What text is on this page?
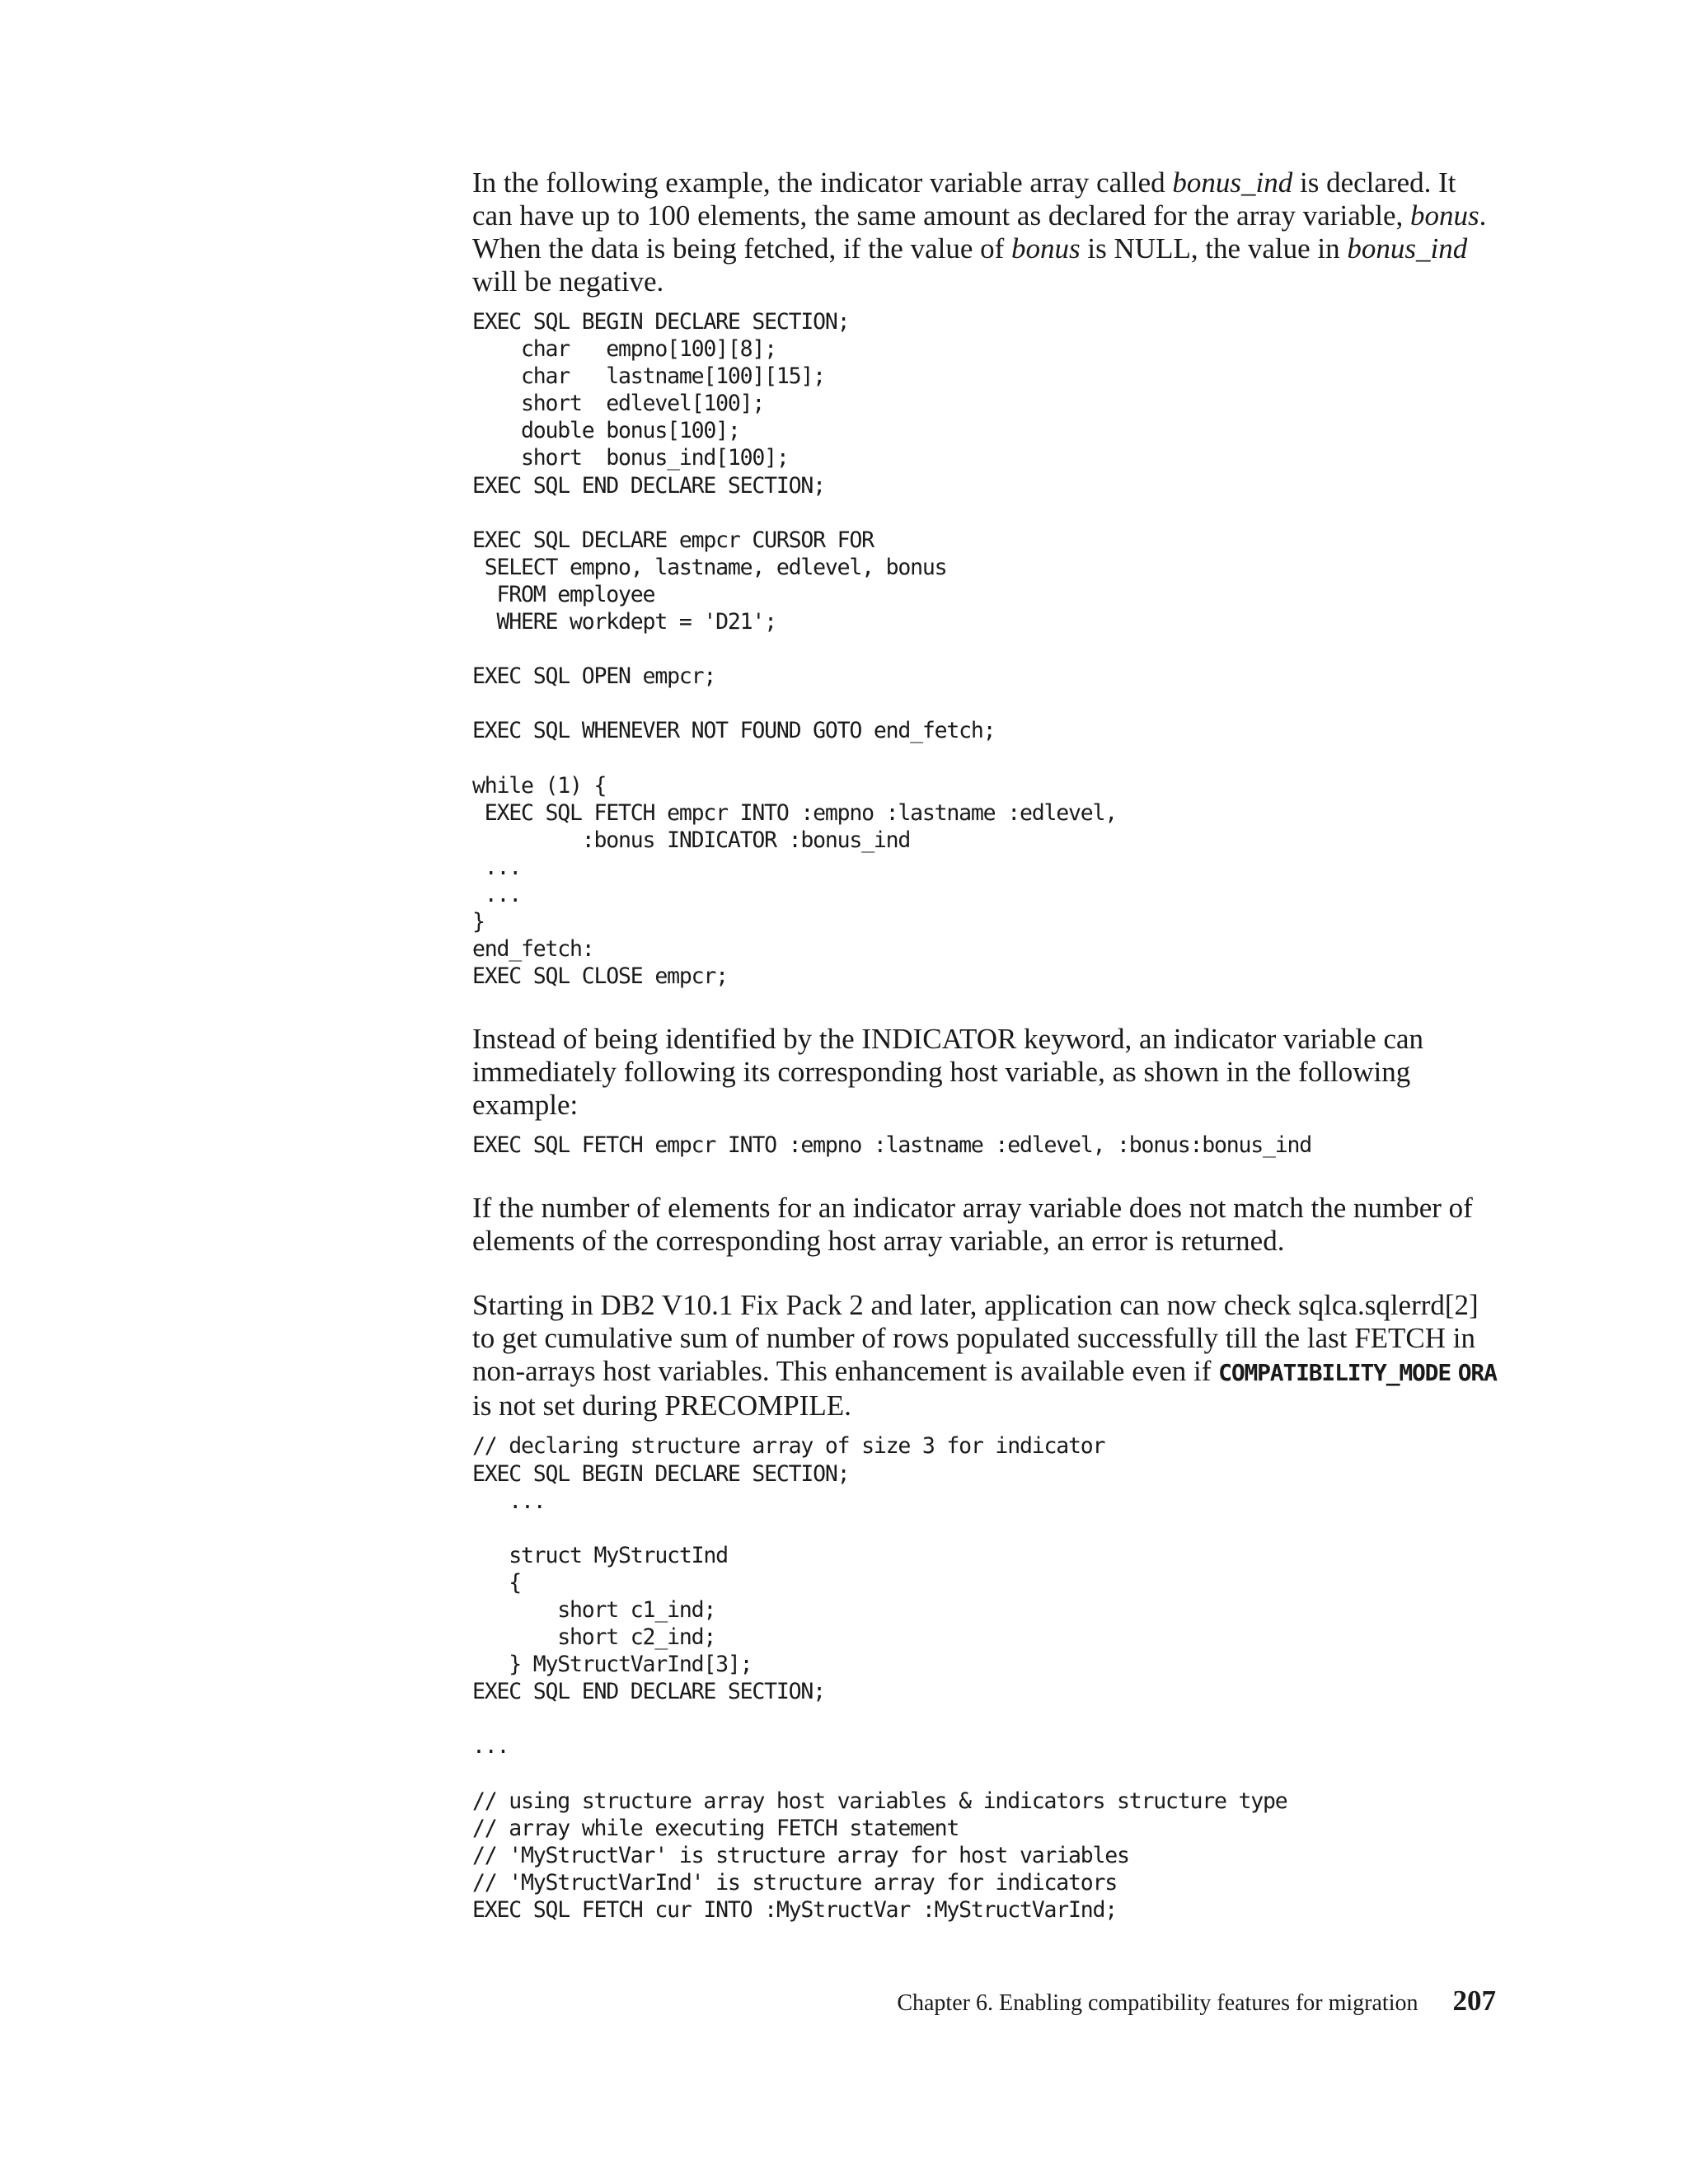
In the following example, the indicator variable array called bonus_ind is declared. It can have up to 100 elements, the same amount as declared for the array variable, bonus. When the data is being fetched, if the value of bonus is NULL, the value in bonus_ind will be negative.

EXEC SQL BEGIN DECLARE SECTION;
char   empno[100][8];
char   lastname[100][15];
short  edlevel[100];
double bonus[100];
short  bonus_ind[100];
EXEC SQL END DECLARE SECTION;

EXEC SQL DECLARE empcr CURSOR FOR
SELECT empno, lastname, edlevel, bonus
FROM employee
WHERE workdept = 'D21';

EXEC SQL OPEN empcr;

EXEC SQL WHENEVER NOT FOUND GOTO end_fetch;

while (1) {
EXEC SQL FETCH empcr INTO :empno :lastname :edlevel,
:bonus INDICATOR :bonus_ind
...
...
}
end_fetch:
EXEC SQL CLOSE empcr;

Instead of being identified by the INDICATOR keyword, an indicator variable can immediately following its corresponding host variable, as shown in the following example:

EXEC SQL FETCH empcr INTO :empno :lastname :edlevel, :bonus:bonus_ind

If the number of elements for an indicator array variable does not match the number of elements of the corresponding host array variable, an error is returned.

Starting in DB2 V10.1 Fix Pack 2 and later, application can now check sqlca.sqlerrd[2] to get cumulative sum of number of rows populated successfully till the last FETCH in non-arrays host variables. This enhancement is available even if COMPATIBILITY_MODE ORA is not set during PRECOMPILE.

// declaring structure array of size 3 for indicator
EXEC SQL BEGIN DECLARE SECTION;
...

struct MyStructInd
{
short c1_ind;
short c2_ind;
} MyStructVarInd[3];
EXEC SQL END DECLARE SECTION;

...

// using structure array host variables & indicators structure type
// array while executing FETCH statement
// 'MyStructVar' is structure array for host variables
// 'MyStructVarInd' is structure array for indicators
EXEC SQL FETCH cur INTO :MyStructVar :MyStructVarInd;
Chapter 6. Enabling compatibility features for migration 207
